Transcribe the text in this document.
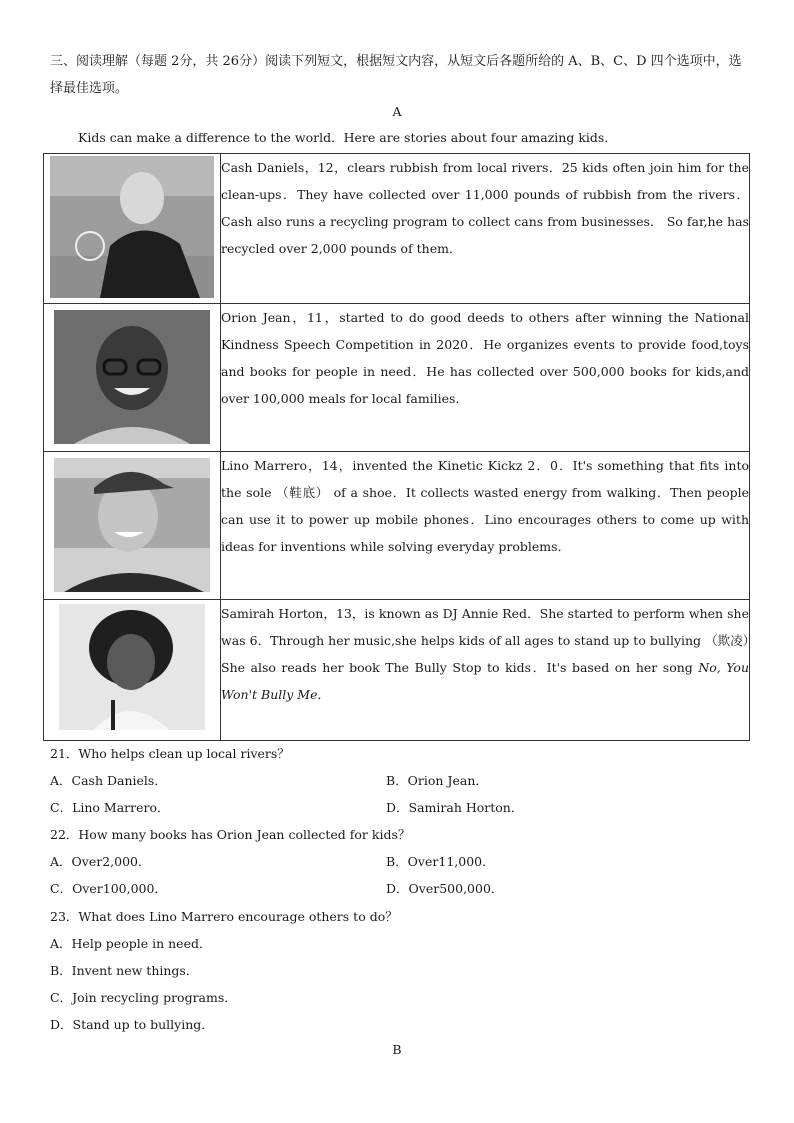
三、阅读理解（每题 2分，共 26分）阅读下列短文，根据短文内容，从短文后各题所给的 A、B、C、D 四个选项中，选择最佳选项。
A
Kids can make a difference to the world．Here are stories about four amazing kids．
	Cash Daniels，12，clears rubbish from local rivers．25 kids often join him for the clean-ups．They have collected over 11,000 pounds of rubbish from the rivers．Cash also runs a recycling program to collect cans from businesses． So far,he has recycled over 2,000 pounds of them．

	Orion Jean，11，started to do good deeds to others after winning the National Kindness Speech Competition in 2020．He organizes events to provide food,toys and books for people in need．He has collected over 500,000 books for kids,and over 100,000 meals for local families．

	Lino Marrero，14，invented the Kinetic Kickz 2．0．It's something that fits into the sole （鞋底） of a shoe．It collects wasted energy from walking．Then people can use it to power up mobile phones．Lino encourages others to come up with ideas for inventions while solving everyday problems．

	Samirah Horton，13，is known as DJ Annie Red．She started to perform when she was 6．Through her music,she helps kids of all ages to stand up to bullying （欺凌）She also reads her book The Bully Stop to kids．It's based on her song No, You Won't Bully Me．
21．Who helps clean up local rivers？
A．Cash Daniels．	B．Orion Jean．
C．Lino Marrero．	D．Samirah Horton．
22．How many books has Orion Jean collected for kids？
A．Over2,000．	B．Over11,000．
C．Over100,000．	D．Over500,000．
23．What does Lino Marrero encourage others to do？
A．Help people in need．
B．Invent new things．
C．Join recycling programs．
D．Stand up to bullying．
B
